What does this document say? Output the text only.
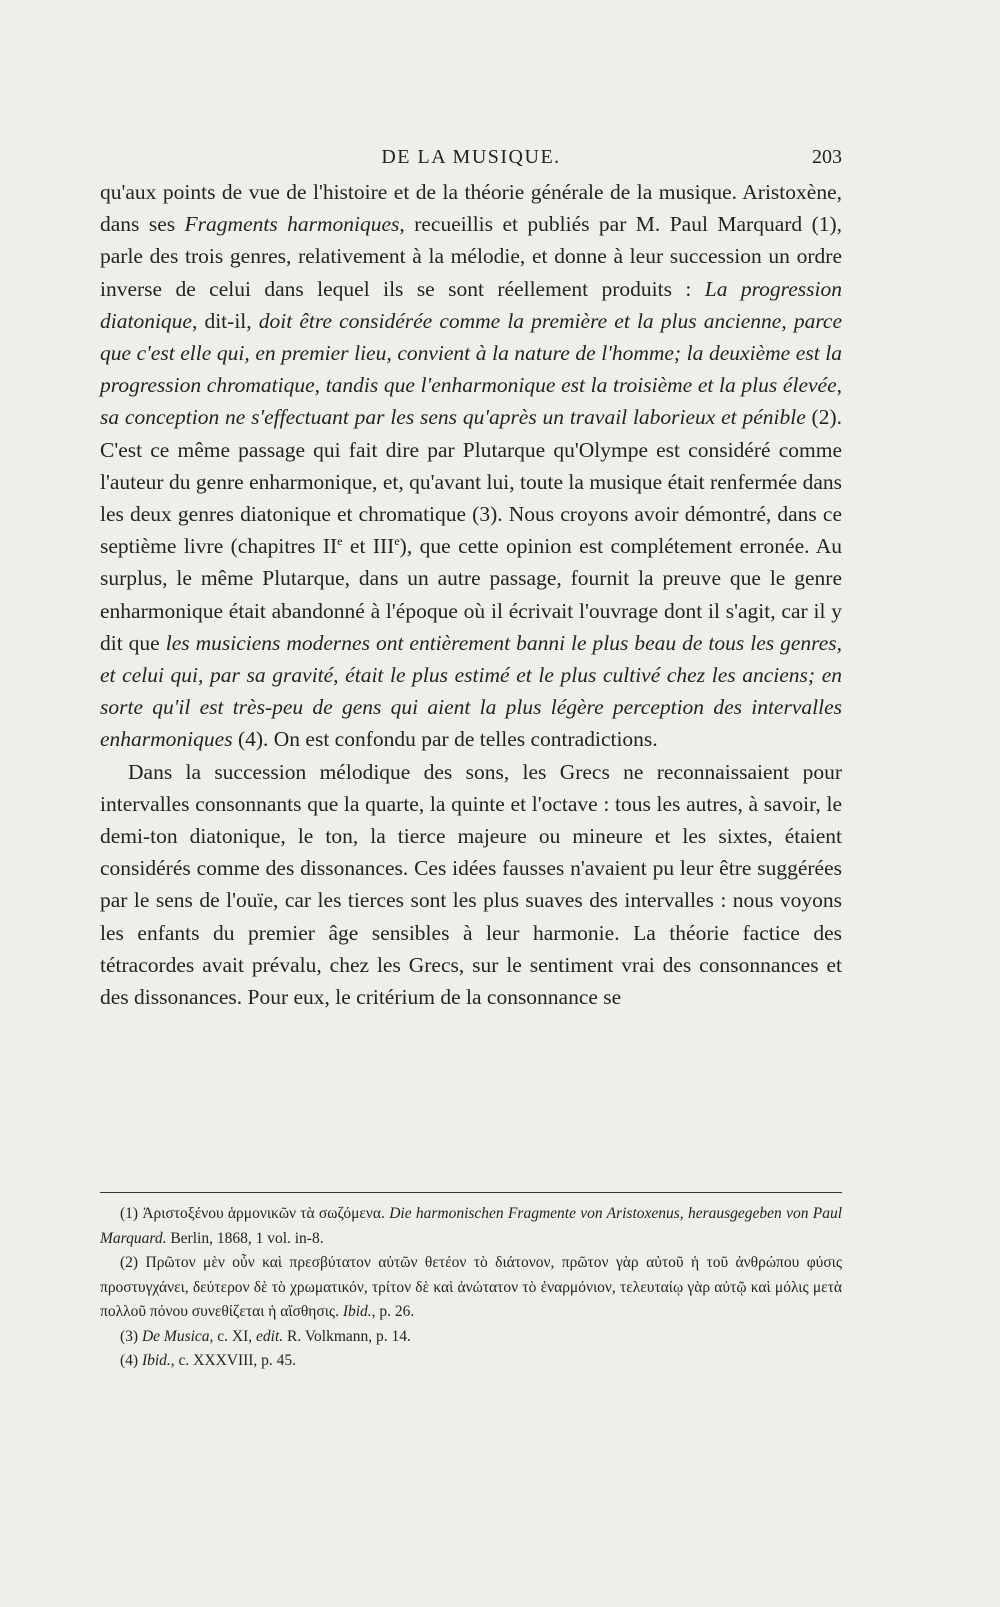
DE LA MUSIQUE.	203

qu'aux points de vue de l'histoire et de la théorie générale de la musique. Aristoxène, dans ses Fragments harmoniques, recueillis et publiés par M. Paul Marquard (1), parle des trois genres, relativement à la mélodie, et donne à leur succession un ordre inverse de celui dans lequel ils se sont réellement produits : La progression diatonique, dit-il, doit être considérée comme la première et la plus ancienne, parce que c'est elle qui, en premier lieu, convient à la nature de l'homme; la deuxième est la progression chromatique, tandis que l'enharmonique est la troisième et la plus élevée, sa conception ne s'effectuant par les sens qu'après un travail laborieux et pénible (2). C'est ce même passage qui fait dire par Plutarque qu'Olympe est considéré comme l'auteur du genre enharmonique, et, qu'avant lui, toute la musique était renfermée dans les deux genres diatonique et chromatique (3). Nous croyons avoir démontré, dans ce septième livre (chapitres IIe et IIIe), que cette opinion est complétement erronée. Au surplus, le même Plutarque, dans un autre passage, fournit la preuve que le genre enharmonique était abandonné à l'époque où il écrivait l'ouvrage dont il s'agit, car il y dit que les musiciens modernes ont entièrement banni le plus beau de tous les genres, et celui qui, par sa gravité, était le plus estimé et le plus cultivé chez les anciens; en sorte qu'il est très-peu de gens qui aient la plus légère perception des intervalles enharmoniques (4). On est confondu par de telles contradictions.

Dans la succession mélodique des sons, les Grecs ne reconnaissaient pour intervalles consonnants que la quarte, la quinte et l'octave : tous les autres, à savoir, le demi-ton diatonique, le ton, la tierce majeure ou mineure et les sixtes, étaient considérés comme des dissonances. Ces idées fausses n'avaient pu leur être suggérées par le sens de l'ouïe, car les tierces sont les plus suaves des intervalles : nous voyons les enfants du premier âge sensibles à leur harmonie. La théorie factice des tétracordes avait prévalu, chez les Grecs, sur le sentiment vrai des consonnances et des dissonances. Pour eux, le critérium de la consonnance se

(1) Ἀριστοξένου ἁρμονικῶν τὰ σωζόμενα. Die harmonischen Fragmente von Aristoxenus, herausgegeben von Paul Marquard. Berlin, 1868, 1 vol. in-8.

(2) Πρῶτον μὲν οὖν καὶ πρεσβύτατον αὐτῶν θετέον τὸ διάτονον, πρῶτον γὰρ αὐτοῦ ἡ τοῦ ἀνθρώπου φύσις προστυγχάνει, δεύτερον δὲ τὸ χρωματικόν, τρίτον δὲ καὶ ἀνώτατον τὸ ἐναρμόνιον, τελευταίῳ γὰρ αὐτῷ καὶ μόλις μετὰ πολλοῦ πόνου συνεθίζεται ἡ αἴσθησις. Ibid., p. 26.

(3) De Musica, c. XI, edit. R. Volkmann, p. 14.

(4) Ibid., c. XXXVIII, p. 45.
